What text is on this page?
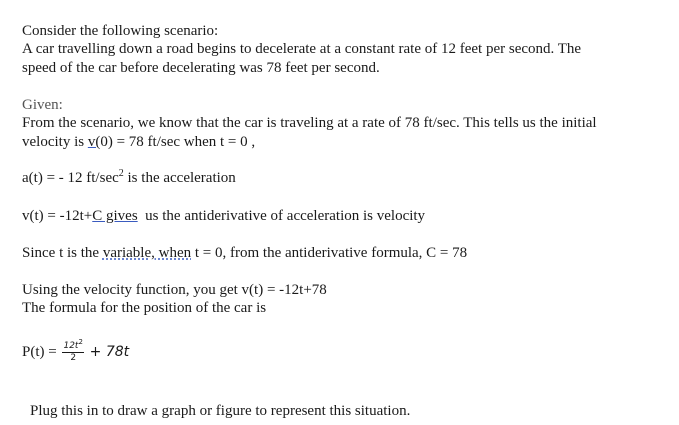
Consider the following scenario:
A car travelling down a road begins to decelerate at a constant rate of 12 feet per second. The
speed of the car before decelerating was 78 feet per second.
Given:
From the scenario, we know that the car is traveling at a rate of 78 ft/sec. This tells us the initial
velocity is v(0) = 78 ft/sec when t = 0 ,
a(t) = - 12 $ft/\sec^2$ is the acceleration
v(t) = -12t+C gives  us the antiderivative of acceleration is velocity
Since t is the variable, when t = 0, from the antiderivative formula, C = 78
Using the velocity function, you get v(t) = -12t+78
The formula for the position of the car is
$P(t) = \frac{12t^2}{2} + 78t$
Plug this in to draw a graph or figure to represent this situation.
